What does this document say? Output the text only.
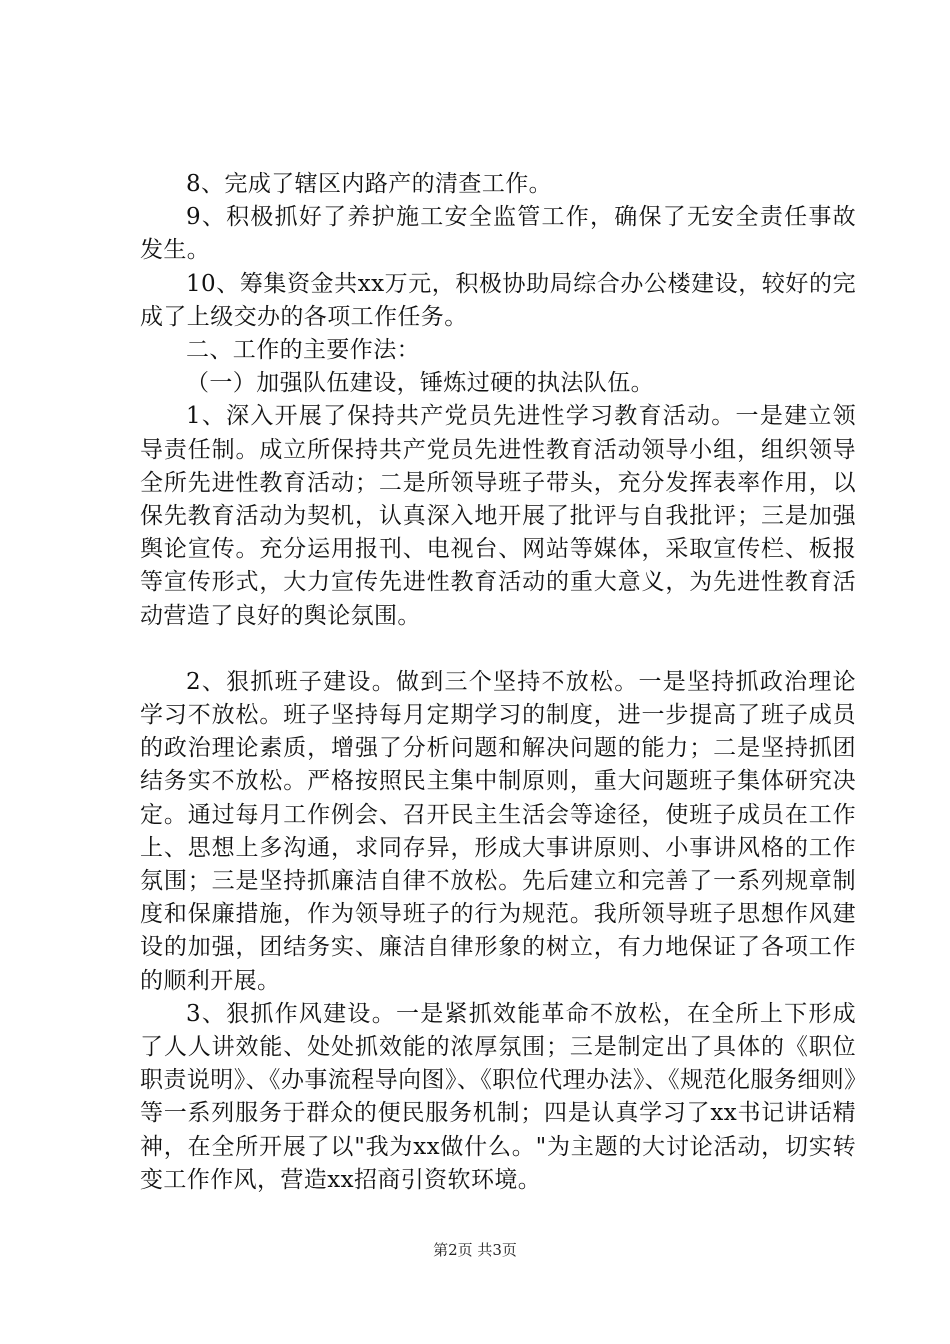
8、完成了辖区内路产的清查工作。

9、积极抓好了养护施工安全监管工作，确保了无安全责任事故发生。

10、筹集资金共xx万元，积极协助局综合办公楼建设，较好的完成了上级交办的各项工作任务。

二、工作的主要作法：

（一）加强队伍建设，锤炼过硬的执法队伍。

1、深入开展了保持共产党员先进性学习教育活动。一是建立领导责任制。成立所保持共产党员先进性教育活动领导小组，组织领导全所先进性教育活动；二是所领导班子带头，充分发挥表率作用，以保先教育活动为契机，认真深入地开展了批评与自我批评；三是加强舆论宣传。充分运用报刊、电视台、网站等媒体，采取宣传栏、板报等宣传形式，大力宣传先进性教育活动的重大意义，为先进性教育活动营造了良好的舆论氛围。

2、狠抓班子建设。做到三个坚持不放松。一是坚持抓政治理论学习不放松。班子坚持每月定期学习的制度，进一步提高了班子成员的政治理论素质，增强了分析问题和解决问题的能力；二是坚持抓团结务实不放松。严格按照民主集中制原则，重大问题班子集体研究决定。通过每月工作例会、召开民主生活会等途径，使班子成员在工作上、思想上多沟通，求同存异，形成大事讲原则、小事讲风格的工作氛围；三是坚持抓廉洁自律不放松。先后建立和完善了一系列规章制度和保廉措施，作为领导班子的行为规范。我所领导班子思想作风建设的加强，团结务实、廉洁自律形象的树立，有力地保证了各项工作的顺利开展。

3、狠抓作风建设。一是紧抓效能革命不放松，在全所上下形成了人人讲效能、处处抓效能的浓厚氛围；三是制定出了具体的《职位职责说明》、《办事流程导向图》、《职位代理办法》、《规范化服务细则》等一系列服务于群众的便民服务机制；四是认真学习了xx书记讲话精神，在全所开展了以"我为xx做什么。"为主题的大讨论活动，切实转变工作作风，营造xx招商引资软环境。

第2页 共3页
